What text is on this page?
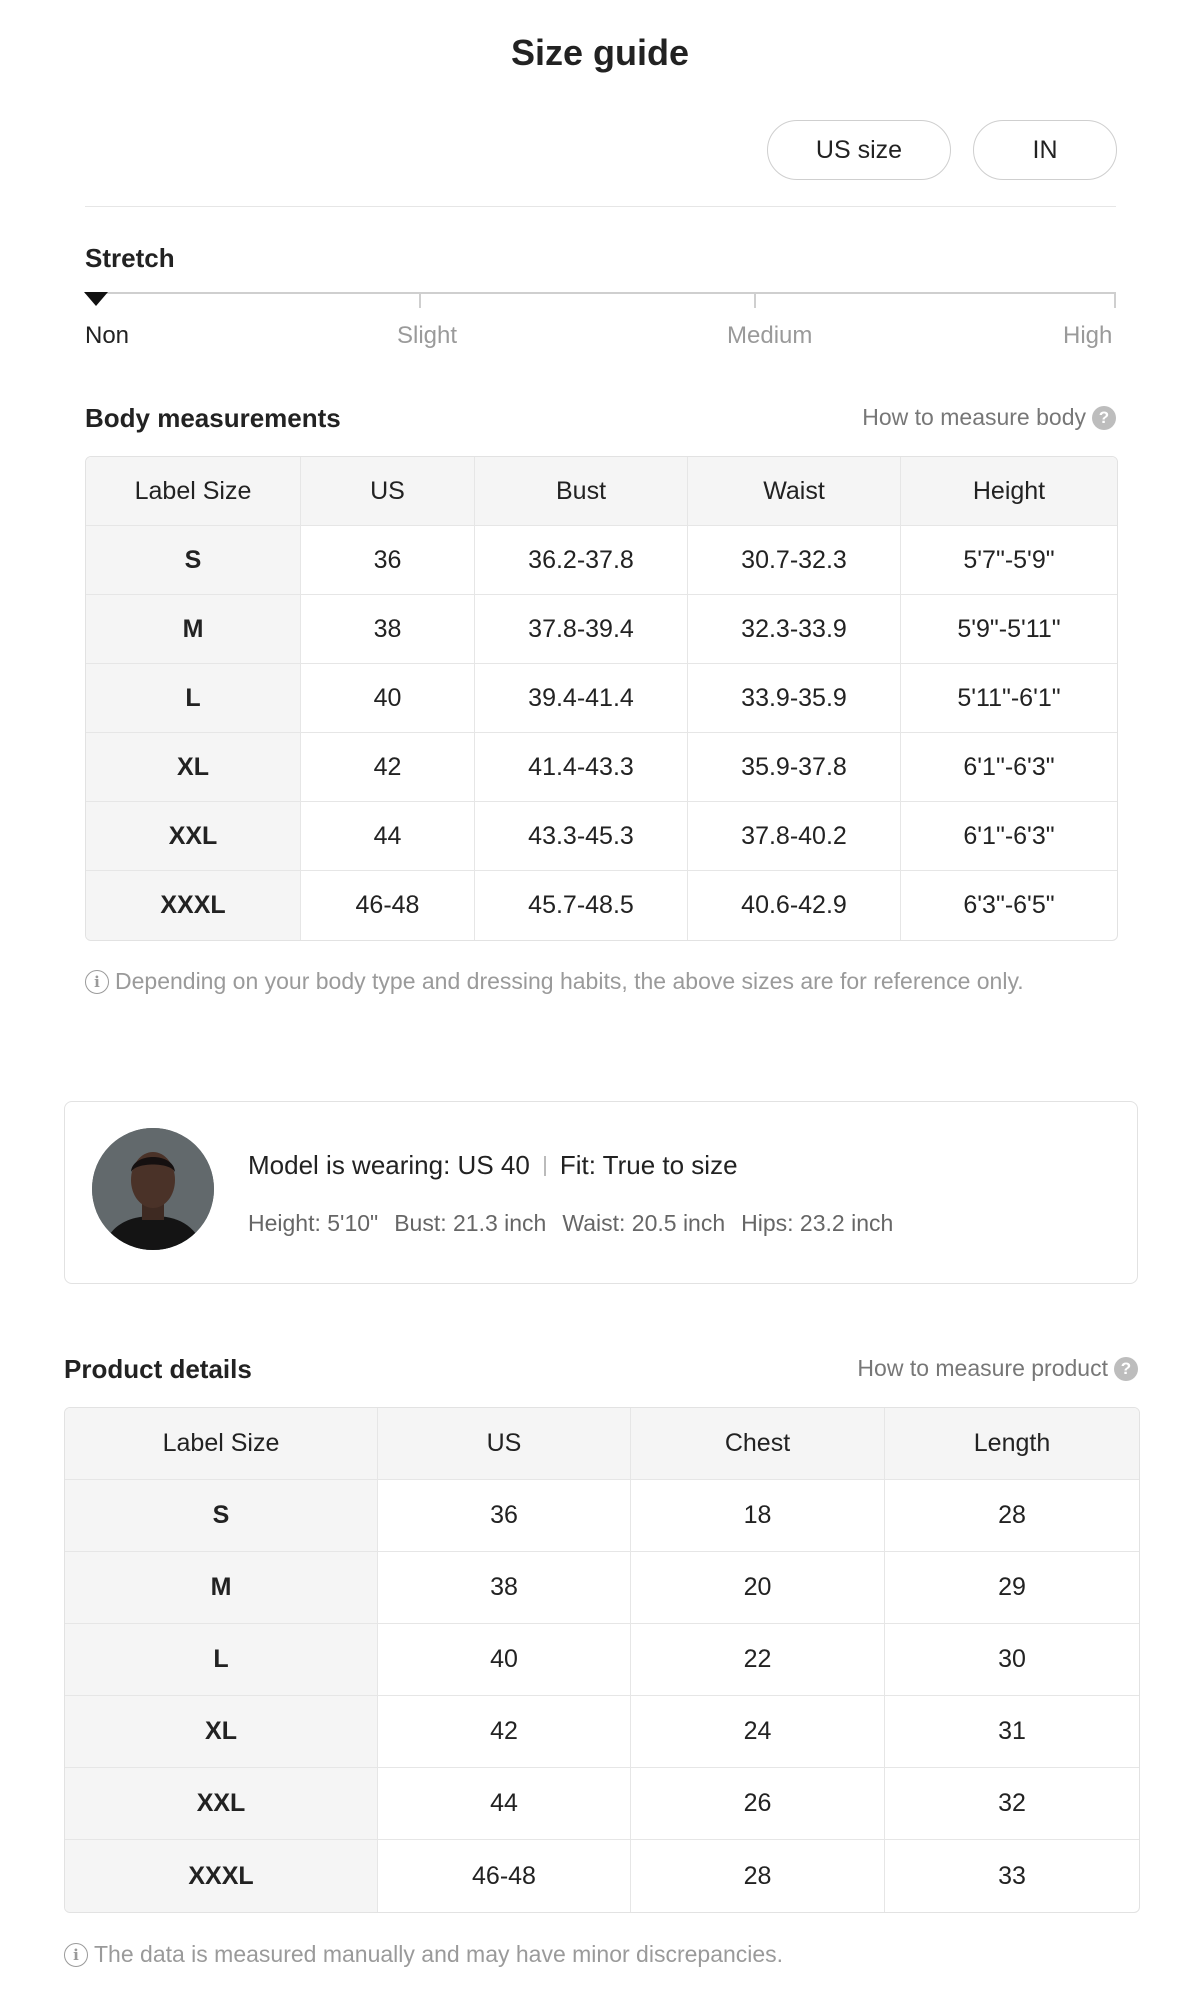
Size guide
US size	IN
Stretch
Non	Slight	Medium	High
Body measurements	How to measure body ?
Label Size	US	Bust	Waist	Height
S	36	36.2-37.8	30.7-32.3	5'7"-5'9"
M	38	37.8-39.4	32.3-33.9	5'9"-5'11"
L	40	39.4-41.4	33.9-35.9	5'11"-6'1"
XL	42	41.4-43.3	35.9-37.8	6'1"-6'3"
XXL	44	43.3-45.3	37.8-40.2	6'1"-6'3"
XXXL	46-48	45.7-48.5	40.6-42.9	6'3"-6'5"
i Depending on your body type and dressing habits, the above sizes are for reference only.
Model is wearing: US 40 Fit: True to size
Height: 5'10" Bust: 21.3 inch Waist: 20.5 inch Hips: 23.2 inch
Product details	How to measure product ?
Label Size	US	Chest	Length
S	36	18	28
M	38	20	29
L	40	22	30
XL	42	24	31
XXL	44	26	32
XXXL	46-48	28	33
i The data is measured manually and may have minor discrepancies.
